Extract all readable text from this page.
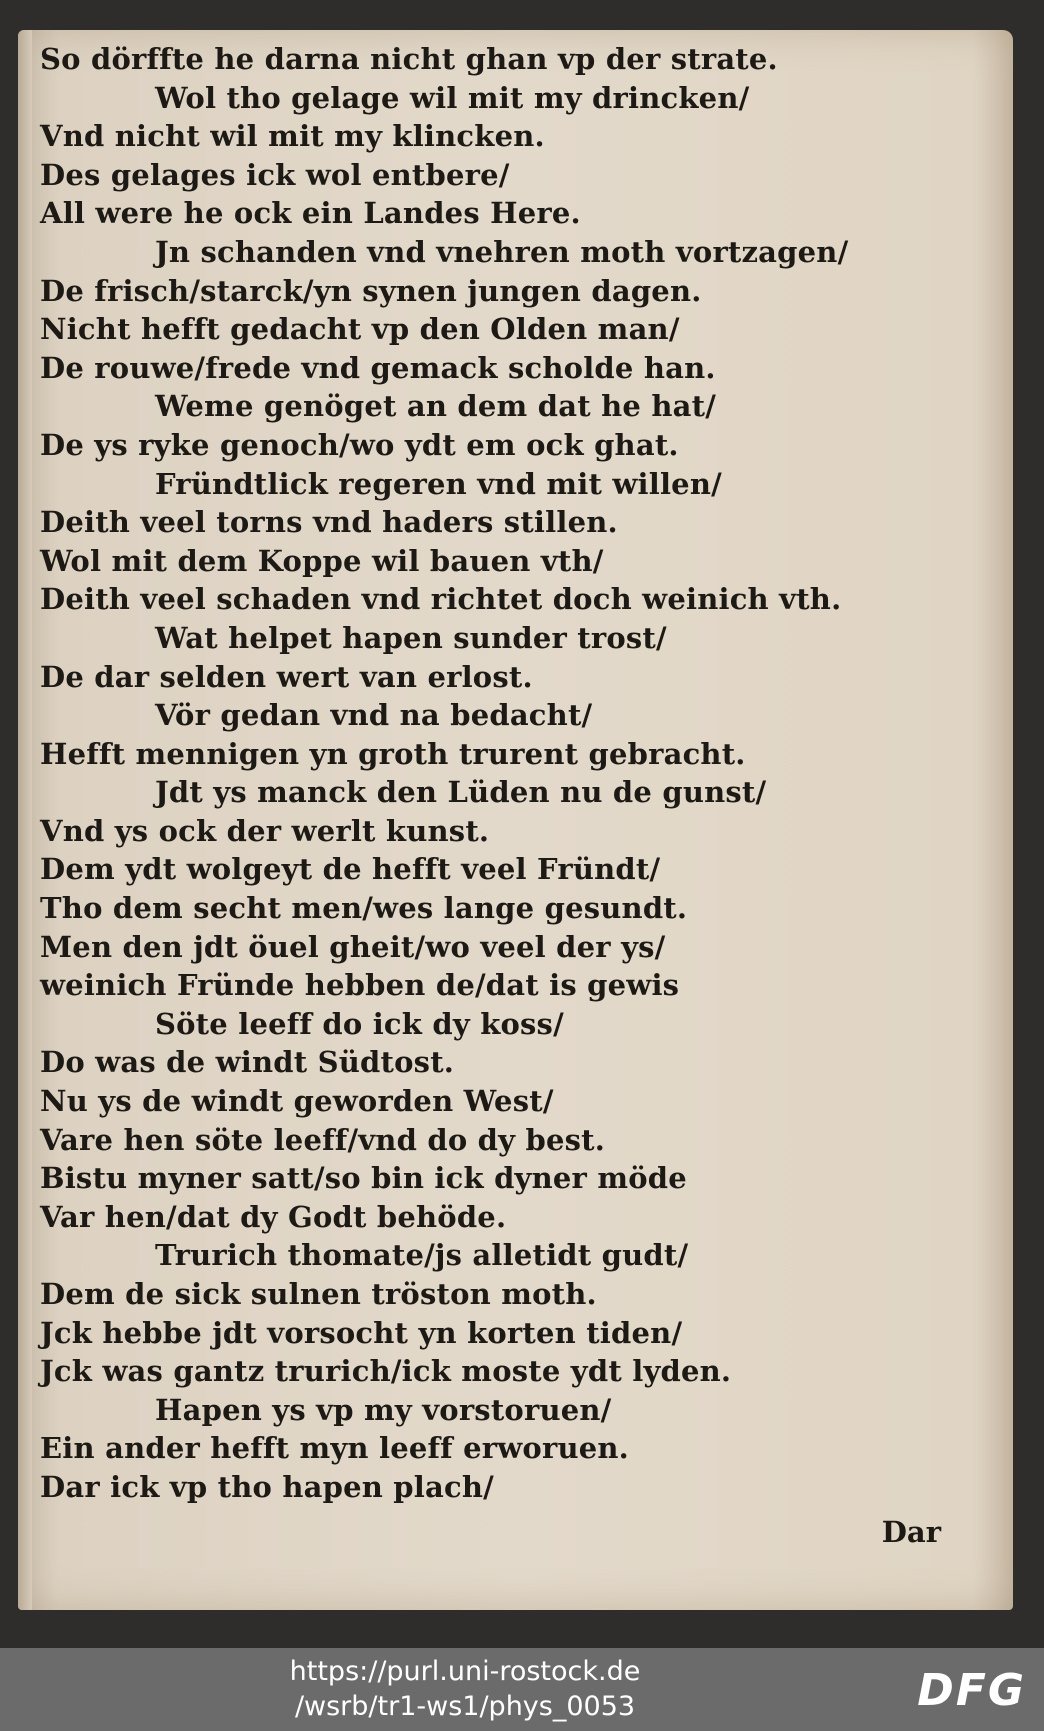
So dörffte he darna nicht ghan vp der strate.
Wol tho gelage wil mit my drincken/
Vnd nicht wil mit my klincken.
Des gelages ick wol entbere/
All were he ock ein Landes Here.
Jn schanden vnd vnehren moth vortzagen/
De frisch/starck/yn synen jungen dagen.
Nicht hefft gedacht vp den Olden man/
De rouwe/frede vnd gemack scholde han.
Weme genöget an dem dat he hat/
De ys ryke genoch/wo ydt em ock ghat.
Fründtlick regeren vnd mit willen/
Deith veel torns vnd haders stillen.
Wol mit dem Koppe wil bauen vth/
Deith veel schaden vnd richtet doch weinich vth.
Wat helpet hapen sunder trost/
De dar selden wert van erlost.
Vör gedan vnd na bedacht/
Hefft mennigen yn groth trurent gebracht.
Jdt ys manck den Lüden nu de gunst/
Vnd ys ock der werlt kunst.
Dem ydt wolgeyt de hefft veel Fründt/
Tho dem secht men/wes lange gesundt.
Men den jdt öuel gheit/wo veel der ys/
weinich Fründe hebben de/dat is gewis
Söte leeff do ick dy koss/
Do was de windt Südtost.
Nu ys de windt geworden West/
Vare hen söte leeff/vnd do dy best.
Bistu myner satt/so bin ick dyner möde
Var hen/dat dy Godt behöde.
Trurich thomate/js alletidt gudt/
Dem de sick sulnen tröston moth.
Jck hebbe jdt vorsocht yn korten tiden/
Jck was gantz trurich/ick moste ydt lyden.
Hapen ys vp my vorstoruen/
Ein ander hefft myn leeff erworuen.
Dar ick vp tho hapen plach/
Dar
https://purl.uni-rostock.de
/wsrb/tr1-ws1/phys_0053	DFG
